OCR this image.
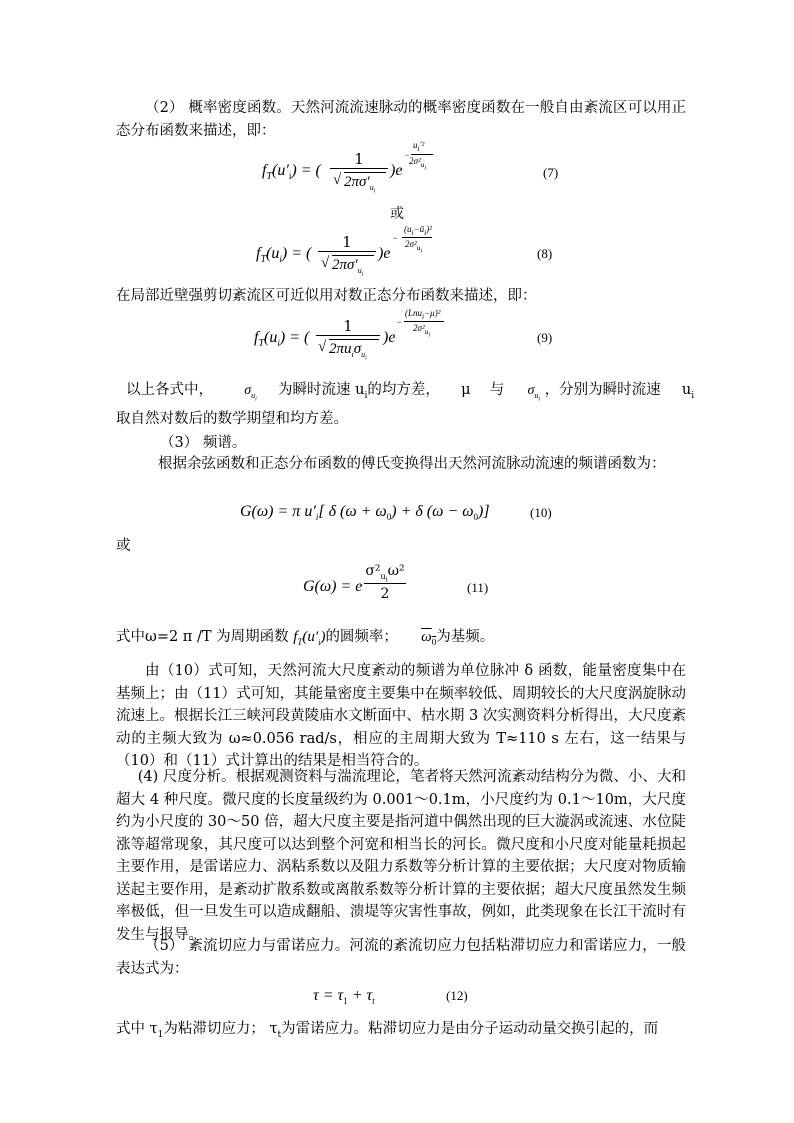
（2） 概率密度函数。天然河流流速脉动的概率密度函数在一般自由紊流区可以用正态分布函数来描述，即：
$f_T(u'_i)$ = (
1
√ $2\pi\sigma'_{u_i}$
)e
$u_i'^2$
−
$2\sigma^2_{u_i}$	(7)
或
$f_T(u_i)$ = (
1
√ $2\pi\sigma'_{u_i}$
)e
−
$(u_i-ū_i)^2$
$2\sigma^2_{u_i}$	(8)
在局部近壁强剪切紊流区可近似用对数正态分布函数来描述，即：
$f_T(u_i)$ = (
1
√ $2\pi u_i\sigma_{u_i}$
)e
−
(Lnu$_i$−μ)²
$2\sigma^2_{u_i}$	(9)
以上各式中， $\sigma_{u_i}$  为瞬时流速 $u_i$的均方差， μ 与 $\sigma_{u_i}$ ，分别为瞬时流速 $u_i$
取自然对数后的数学期望和均方差。
（3） 频谱。
根据余弦函数和正态分布函数的傅氏变换得出天然河流脉动流速的频谱函数为：
G(ω) = π $u'_i$[ δ $(\omega + \omega_0) + \delta$ $(\omega - \omega_0)$]	(10)
或
G(ω) = e
$\sigma^2_{u_i}\omega^2$
2	(11)
式中ω=2 π /T 为周期函数 $f_T(u'_i)$的圆频率； $\omega_0$为基频。
由（10）式可知，天然河流大尺度紊动的频谱为单位脉冲 δ 函数，能量密度集中在基频上；由（11）式可知，其能量密度主要集中在频率较低、周期较长的大尺度涡旋脉动流速上。根据长江三峡河段黄陵庙水文断面中、枯水期 3 次实测资料分析得出，大尺度紊动的主频大致为 ω≈0.056 rad/s，相应的主周期大致为 T≈110 s 左右，这一结果与（10）和（11）式计算出的结果是相当符合的。
(4) 尺度分析。根据观测资料与湍流理论，笔者将天然河流紊动结构分为微、小、大和超大 4 种尺度。微尺度的长度量级约为 0.001～0.1m，小尺度约为 0.1～10m，大尺度约为小尺度的 30～50 倍，超大尺度主要是指河道中偶然出现的巨大漩涡或流速、水位陡涨等超常现象，其尺度可以达到整个河宽和相当长的河长。微尺度和小尺度对能量耗损起主要作用，是雷诺应力、涡粘系数以及阻力系数等分析计算的主要依据；大尺度对物质输送起主要作用，是紊动扩散系数或离散系数等分析计算的主要依据；超大尺度虽然发生频率极低，但一旦发生可以造成翻船、溃堤等灾害性事故，例如，此类现象在长江干流时有发生与报导。
（5） 紊流切应力与雷诺应力。河流的紊流切应力包括粘滞切应力和雷诺应力，一般表达式为：
$\tau = \tau_1 + \tau_t$	(12)
式中 $\tau_1$为粘滞切应力； $\tau_t$为雷诺应力。粘滞切应力是由分子运动动量交换引起的，而
